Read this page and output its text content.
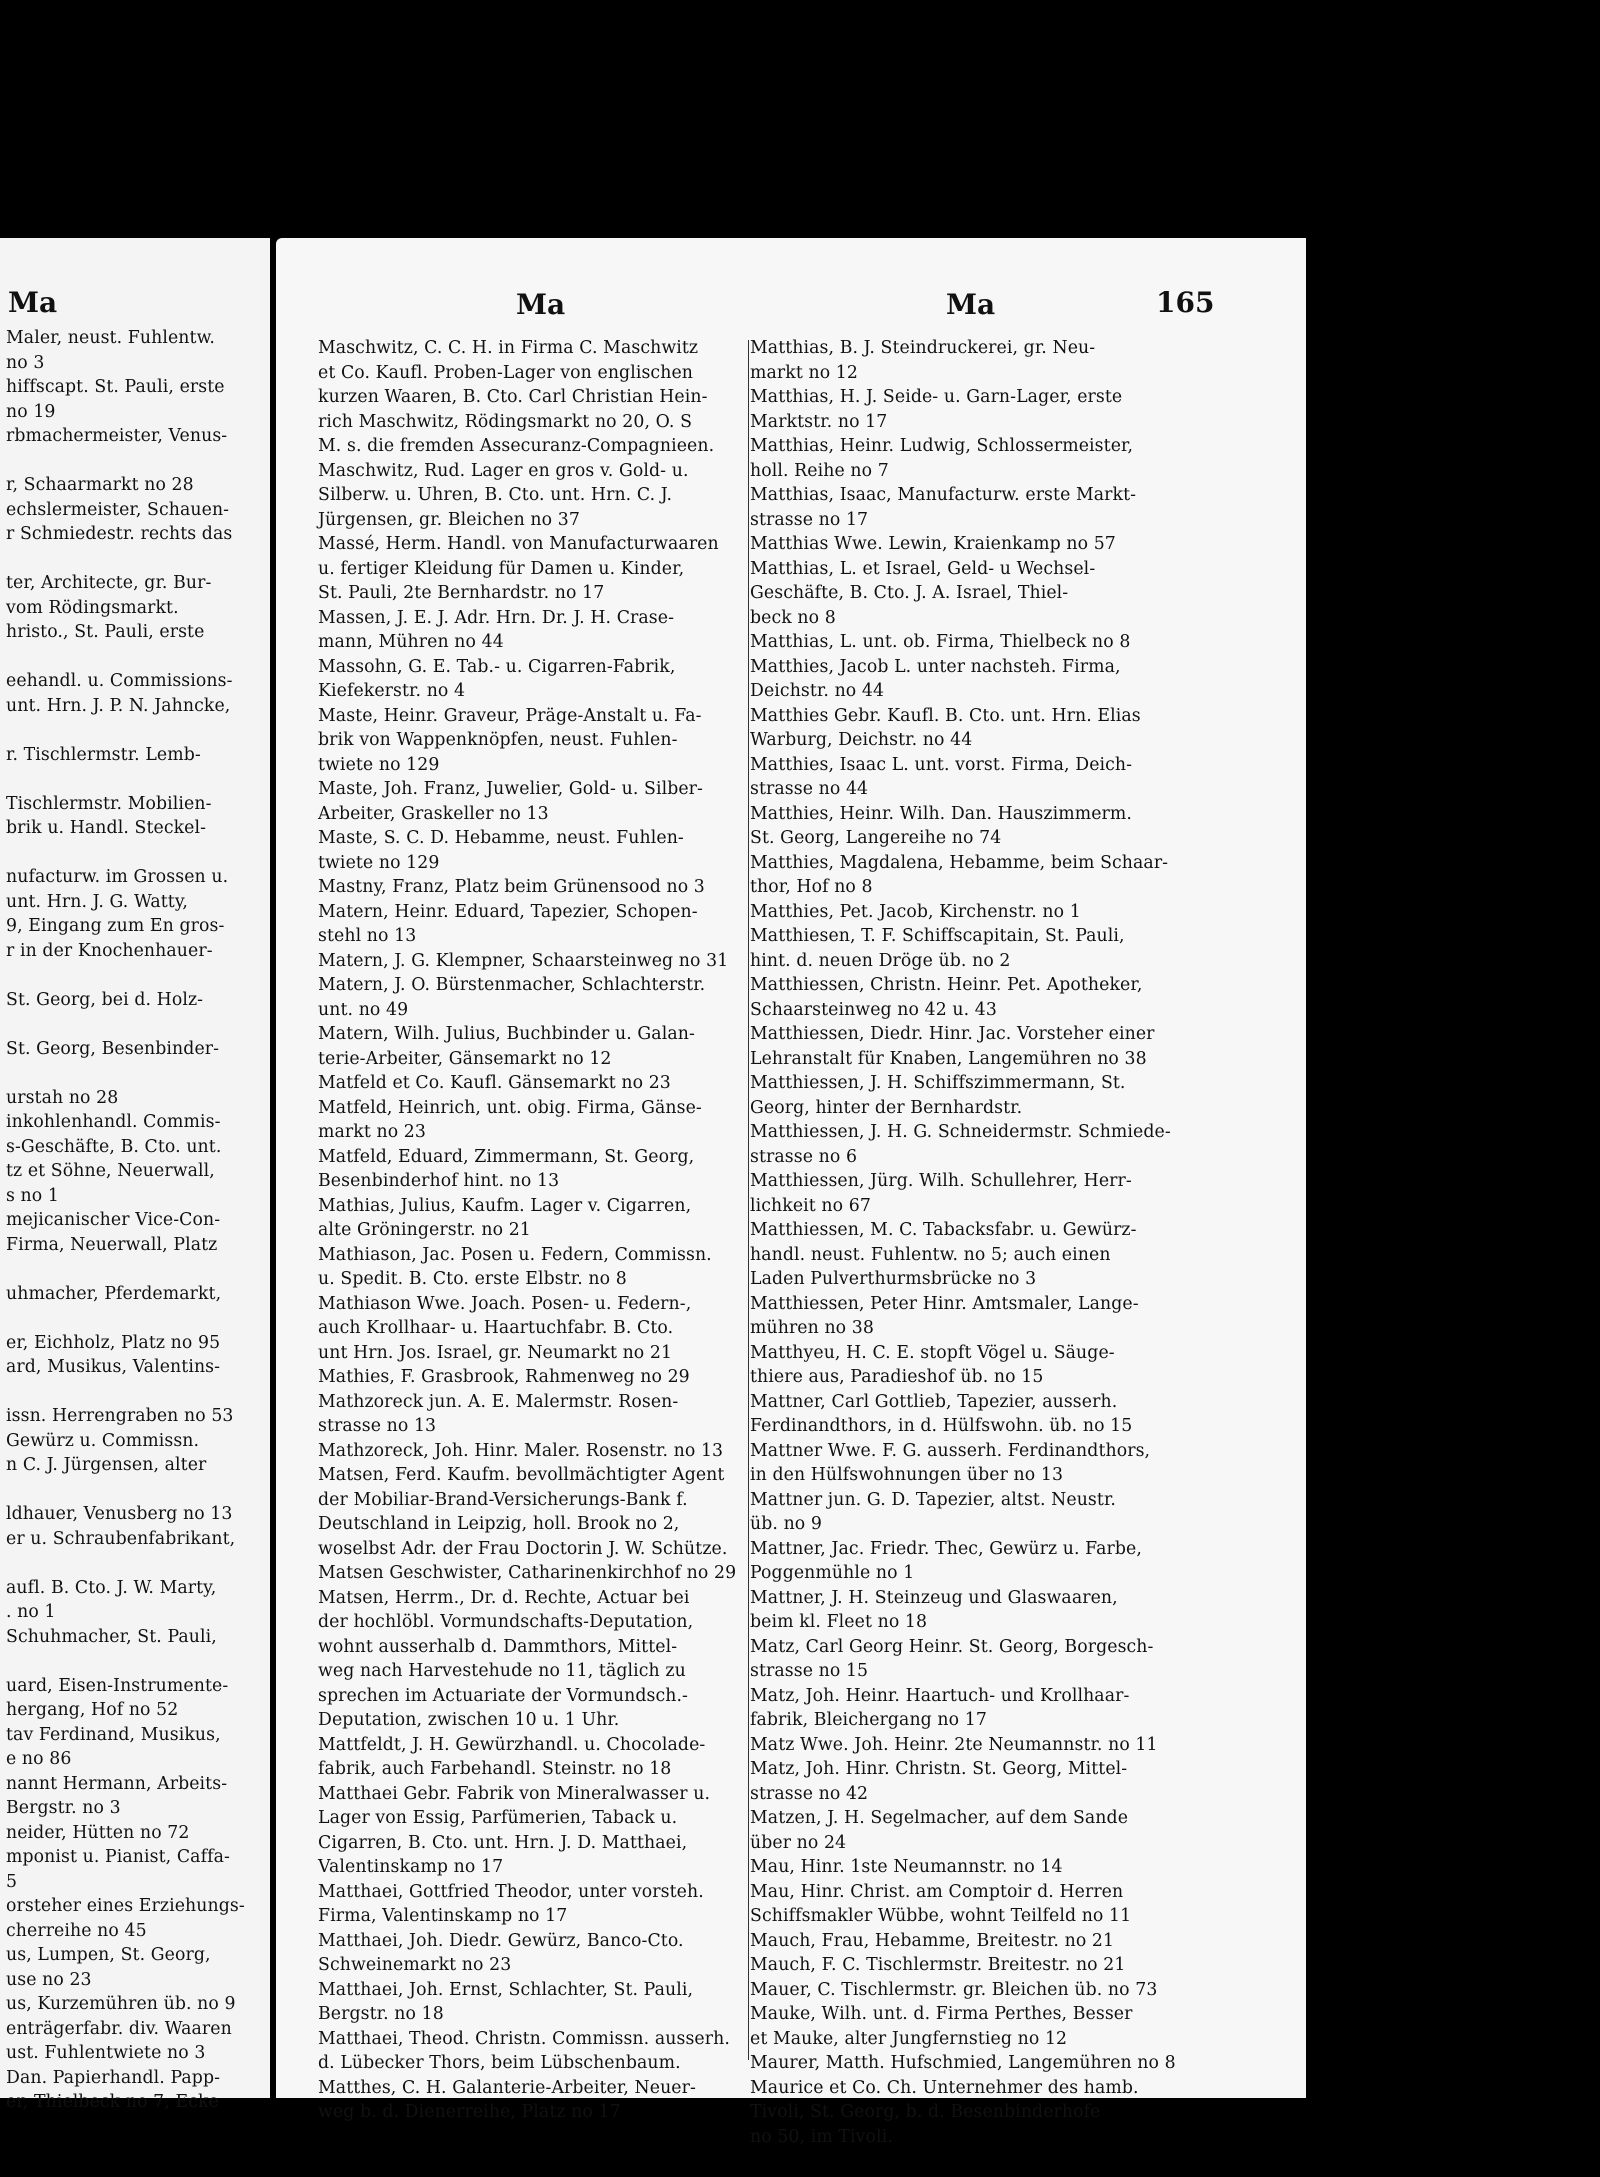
Ma
Maler, neust. Fuhlentw.
no 3
hiffscapt. St. Pauli, erste
no 19
rbmachermeister, Venus-

r, Schaarmarkt no 28
echslermeister, Schauen-
r Schmiedestr. rechts das

ter, Architecte, gr. Bur-
vom Rödingsmarkt.
hristo., St. Pauli, erste

eehandl. u. Commissions-
unt. Hrn. J. P. N. Jahncke,

r. Tischlermstr. Lemb-

Tischlermstr. Mobilien-
brik u. Handl. Steckel-

nufacturw. im Grossen u.
unt. Hrn. J. G. Watty,
9, Eingang zum En gros-
r in der Knochenhauer-

St. Georg, bei d. Holz-

St. Georg, Besenbinder-

urstah no 28
inkohlenhandl. Commis-
s-Geschäfte, B. Cto. unt.
tz et Söhne, Neuerwall,
s no 1
mejicanischer Vice-Con-
Firma, Neuerwall, Platz

uhmacher, Pferdemarkt,

er, Eichholz, Platz no 95
ard, Musikus, Valentins-

issn. Herrengraben no 53
Gewürz u. Commissn.
n C. J. Jürgensen, alter

ldhauer, Venusberg no 13
er u. Schraubenfabrikant,

aufl. B. Cto. J. W. Marty,
. no 1
Schuhmacher, St. Pauli,

uard, Eisen-Instrumente-
hergang, Hof no 52
tav Ferdinand, Musikus,
e no 86
nannt Hermann, Arbeits-
Bergstr. no 3
neider, Hütten no 72
mponist u. Pianist, Caffa-
5
orsteher eines Erziehungs-
cherreihe no 45
us, Lumpen, St. Georg,
use no 23
us, Kurzemühren üb. no 9
enträgerfabr. div. Waaren
ust. Fuhlentwiete no 3
Dan. Papierhandl. Papp-
er, Thielbeck no 7, Ecke
Ma	Ma	165
Maschwitz, C. C. H. in Firma C. Maschwitz
et Co. Kaufl. Proben-Lager von englischen
kurzen Waaren, B. Cto. Carl Christian Hein-
rich Maschwitz, Rödingsmarkt no 20, O. S
M. s. die fremden Assecuranz-Compagnieen.
Maschwitz, Rud. Lager en gros v. Gold- u.
Silberw. u. Uhren, B. Cto. unt. Hrn. C. J.
Jürgensen, gr. Bleichen no 37
Massé, Herm. Handl. von Manufacturwaaren
u. fertiger Kleidung für Damen u. Kinder,
St. Pauli, 2te Bernhardstr. no 17
Massen, J. E. J. Adr. Hrn. Dr. J. H. Crase-
mann, Mühren no 44
Massohn, G. E. Tab.- u. Cigarren-Fabrik,
Kiefekerstr. no 4
Maste, Heinr. Graveur, Präge-Anstalt u. Fa-
brik von Wappenknöpfen, neust. Fuhlen-
twiete no 129
Maste, Joh. Franz, Juwelier, Gold- u. Silber-
Arbeiter, Graskeller no 13
Maste, S. C. D. Hebamme, neust. Fuhlen-
twiete no 129
Mastny, Franz, Platz beim Grünensood no 3
Matern, Heinr. Eduard, Tapezier, Schopen-
stehl no 13
Matern, J. G. Klempner, Schaarsteinweg no 31
Matern, J. O. Bürstenmacher, Schlachterstr.
unt. no 49
Matern, Wilh. Julius, Buchbinder u. Galan-
terie-Arbeiter, Gänsemarkt no 12
Matfeld et Co. Kaufl. Gänsemarkt no 23
Matfeld, Heinrich, unt. obig. Firma, Gänse-
markt no 23
Matfeld, Eduard, Zimmermann, St. Georg,
Besenbinderhof hint. no 13
Mathias, Julius, Kaufm. Lager v. Cigarren,
alte Gröningerstr. no 21
Mathiason, Jac. Posen u. Federn, Commissn.
u. Spedit. B. Cto. erste Elbstr. no 8
Mathiason Wwe. Joach. Posen- u. Federn-,
auch Krollhaar- u. Haartuchfabr. B. Cto.
unt Hrn. Jos. Israel, gr. Neumarkt no 21
Mathies, F. Grasbrook, Rahmenweg no 29
Mathzoreck jun. A. E. Malermstr. Rosen-
strasse no 13
Mathzoreck, Joh. Hinr. Maler. Rosenstr. no 13
Matsen, Ferd. Kaufm. bevollmächtigter Agent
der Mobiliar-Brand-Versicherungs-Bank f.
Deutschland in Leipzig, holl. Brook no 2,
woselbst Adr. der Frau Doctorin J. W. Schütze.
Matsen Geschwister, Catharinenkirchhof no 29
Matsen, Herrm., Dr. d. Rechte, Actuar bei
der hochlöbl. Vormundschafts-Deputation,
wohnt ausserhalb d. Dammthors, Mittel-
weg nach Harvestehude no 11, täglich zu
sprechen im Actuariate der Vormundsch.-
Deputation, zwischen 10 u. 1 Uhr.
Mattfeldt, J. H. Gewürzhandl. u. Chocolade-
fabrik, auch Farbehandl. Steinstr. no 18
Matthaei Gebr. Fabrik von Mineralwasser u.
Lager von Essig, Parfümerien, Taback u.
Cigarren, B. Cto. unt. Hrn. J. D. Matthaei,
Valentinskamp no 17
Matthaei, Gottfried Theodor, unter vorsteh.
Firma, Valentinskamp no 17
Matthaei, Joh. Diedr. Gewürz, Banco-Cto.
Schweinemarkt no 23
Matthaei, Joh. Ernst, Schlachter, St. Pauli,
Bergstr. no 18
Matthaei, Theod. Christn. Commissn. ausserh.
d. Lübecker Thors, beim Lübschenbaum.
Matthes, C. H. Galanterie-Arbeiter, Neuer-
weg b. d. Dienerreihe, Platz no 17
Matthias, B. J. Steindruckerei, gr. Neu-
markt no 12
Matthias, H. J. Seide- u. Garn-Lager, erste
Marktstr. no 17
Matthias, Heinr. Ludwig, Schlossermeister,
holl. Reihe no 7
Matthias, Isaac, Manufacturw. erste Markt-
strasse no 17
Matthias Wwe. Lewin, Kraienkamp no 57
Matthias, L. et Israel, Geld- u Wechsel-
Geschäfte, B. Cto. J. A. Israel, Thiel-
beck no 8
Matthias, L. unt. ob. Firma, Thielbeck no 8
Matthies, Jacob L. unter nachsteh. Firma,
Deichstr. no 44
Matthies Gebr. Kaufl. B. Cto. unt. Hrn. Elias
Warburg, Deichstr. no 44
Matthies, Isaac L. unt. vorst. Firma, Deich-
strasse no 44
Matthies, Heinr. Wilh. Dan. Hauszimmerm.
St. Georg, Langereihe no 74
Matthies, Magdalena, Hebamme, beim Schaar-
thor, Hof no 8
Matthies, Pet. Jacob, Kirchenstr. no 1
Matthiesen, T. F. Schiffscapitain, St. Pauli,
hint. d. neuen Dröge üb. no 2
Matthiessen, Christn. Heinr. Pet. Apotheker,
Schaarsteinweg no 42 u. 43
Matthiessen, Diedr. Hinr. Jac. Vorsteher einer
Lehranstalt für Knaben, Langemühren no 38
Matthiessen, J. H. Schiffszimmermann, St.
Georg, hinter der Bernhardstr.
Matthiessen, J. H. G. Schneidermstr. Schmiede-
strasse no 6
Matthiessen, Jürg. Wilh. Schullehrer, Herr-
lichkeit no 67
Matthiessen, M. C. Tabacksfabr. u. Gewürz-
handl. neust. Fuhlentw. no 5; auch einen
Laden Pulverthurmsbrücke no 3
Matthiessen, Peter Hinr. Amtsmaler, Lange-
mühren no 38
Matthyeu, H. C. E. stopft Vögel u. Säuge-
thiere aus, Paradieshof üb. no 15
Mattner, Carl Gottlieb, Tapezier, ausserh.
Ferdinandthors, in d. Hülfswohn. üb. no 15
Mattner Wwe. F. G. ausserh. Ferdinandthors,
in den Hülfswohnungen über no 13
Mattner jun. G. D. Tapezier, altst. Neustr.
üb. no 9
Mattner, Jac. Friedr. Thec, Gewürz u. Farbe,
Poggenmühle no 1
Mattner, J. H. Steinzeug und Glaswaaren,
beim kl. Fleet no 18
Matz, Carl Georg Heinr. St. Georg, Borgesch-
strasse no 15
Matz, Joh. Heinr. Haartuch- und Krollhaar-
fabrik, Bleichergang no 17
Matz Wwe. Joh. Heinr. 2te Neumannstr. no 11
Matz, Joh. Hinr. Christn. St. Georg, Mittel-
strasse no 42
Matzen, J. H. Segelmacher, auf dem Sande
über no 24
Mau, Hinr. 1ste Neumannstr. no 14
Mau, Hinr. Christ. am Comptoir d. Herren
Schiffsmakler Wübbe, wohnt Teilfeld no 11
Mauch, Frau, Hebamme, Breitestr. no 21
Mauch, F. C. Tischlermstr. Breitestr. no 21
Mauer, C. Tischlermstr. gr. Bleichen üb. no 73
Mauke, Wilh. unt. d. Firma Perthes, Besser
et Mauke, alter Jungfernstieg no 12
Maurer, Matth. Hufschmied, Langemühren no 8
Maurice et Co. Ch. Unternehmer des hamb.
Tivoli, St. Georg, b. d. Besenbinderhofe
no 50, im Tivoli.
